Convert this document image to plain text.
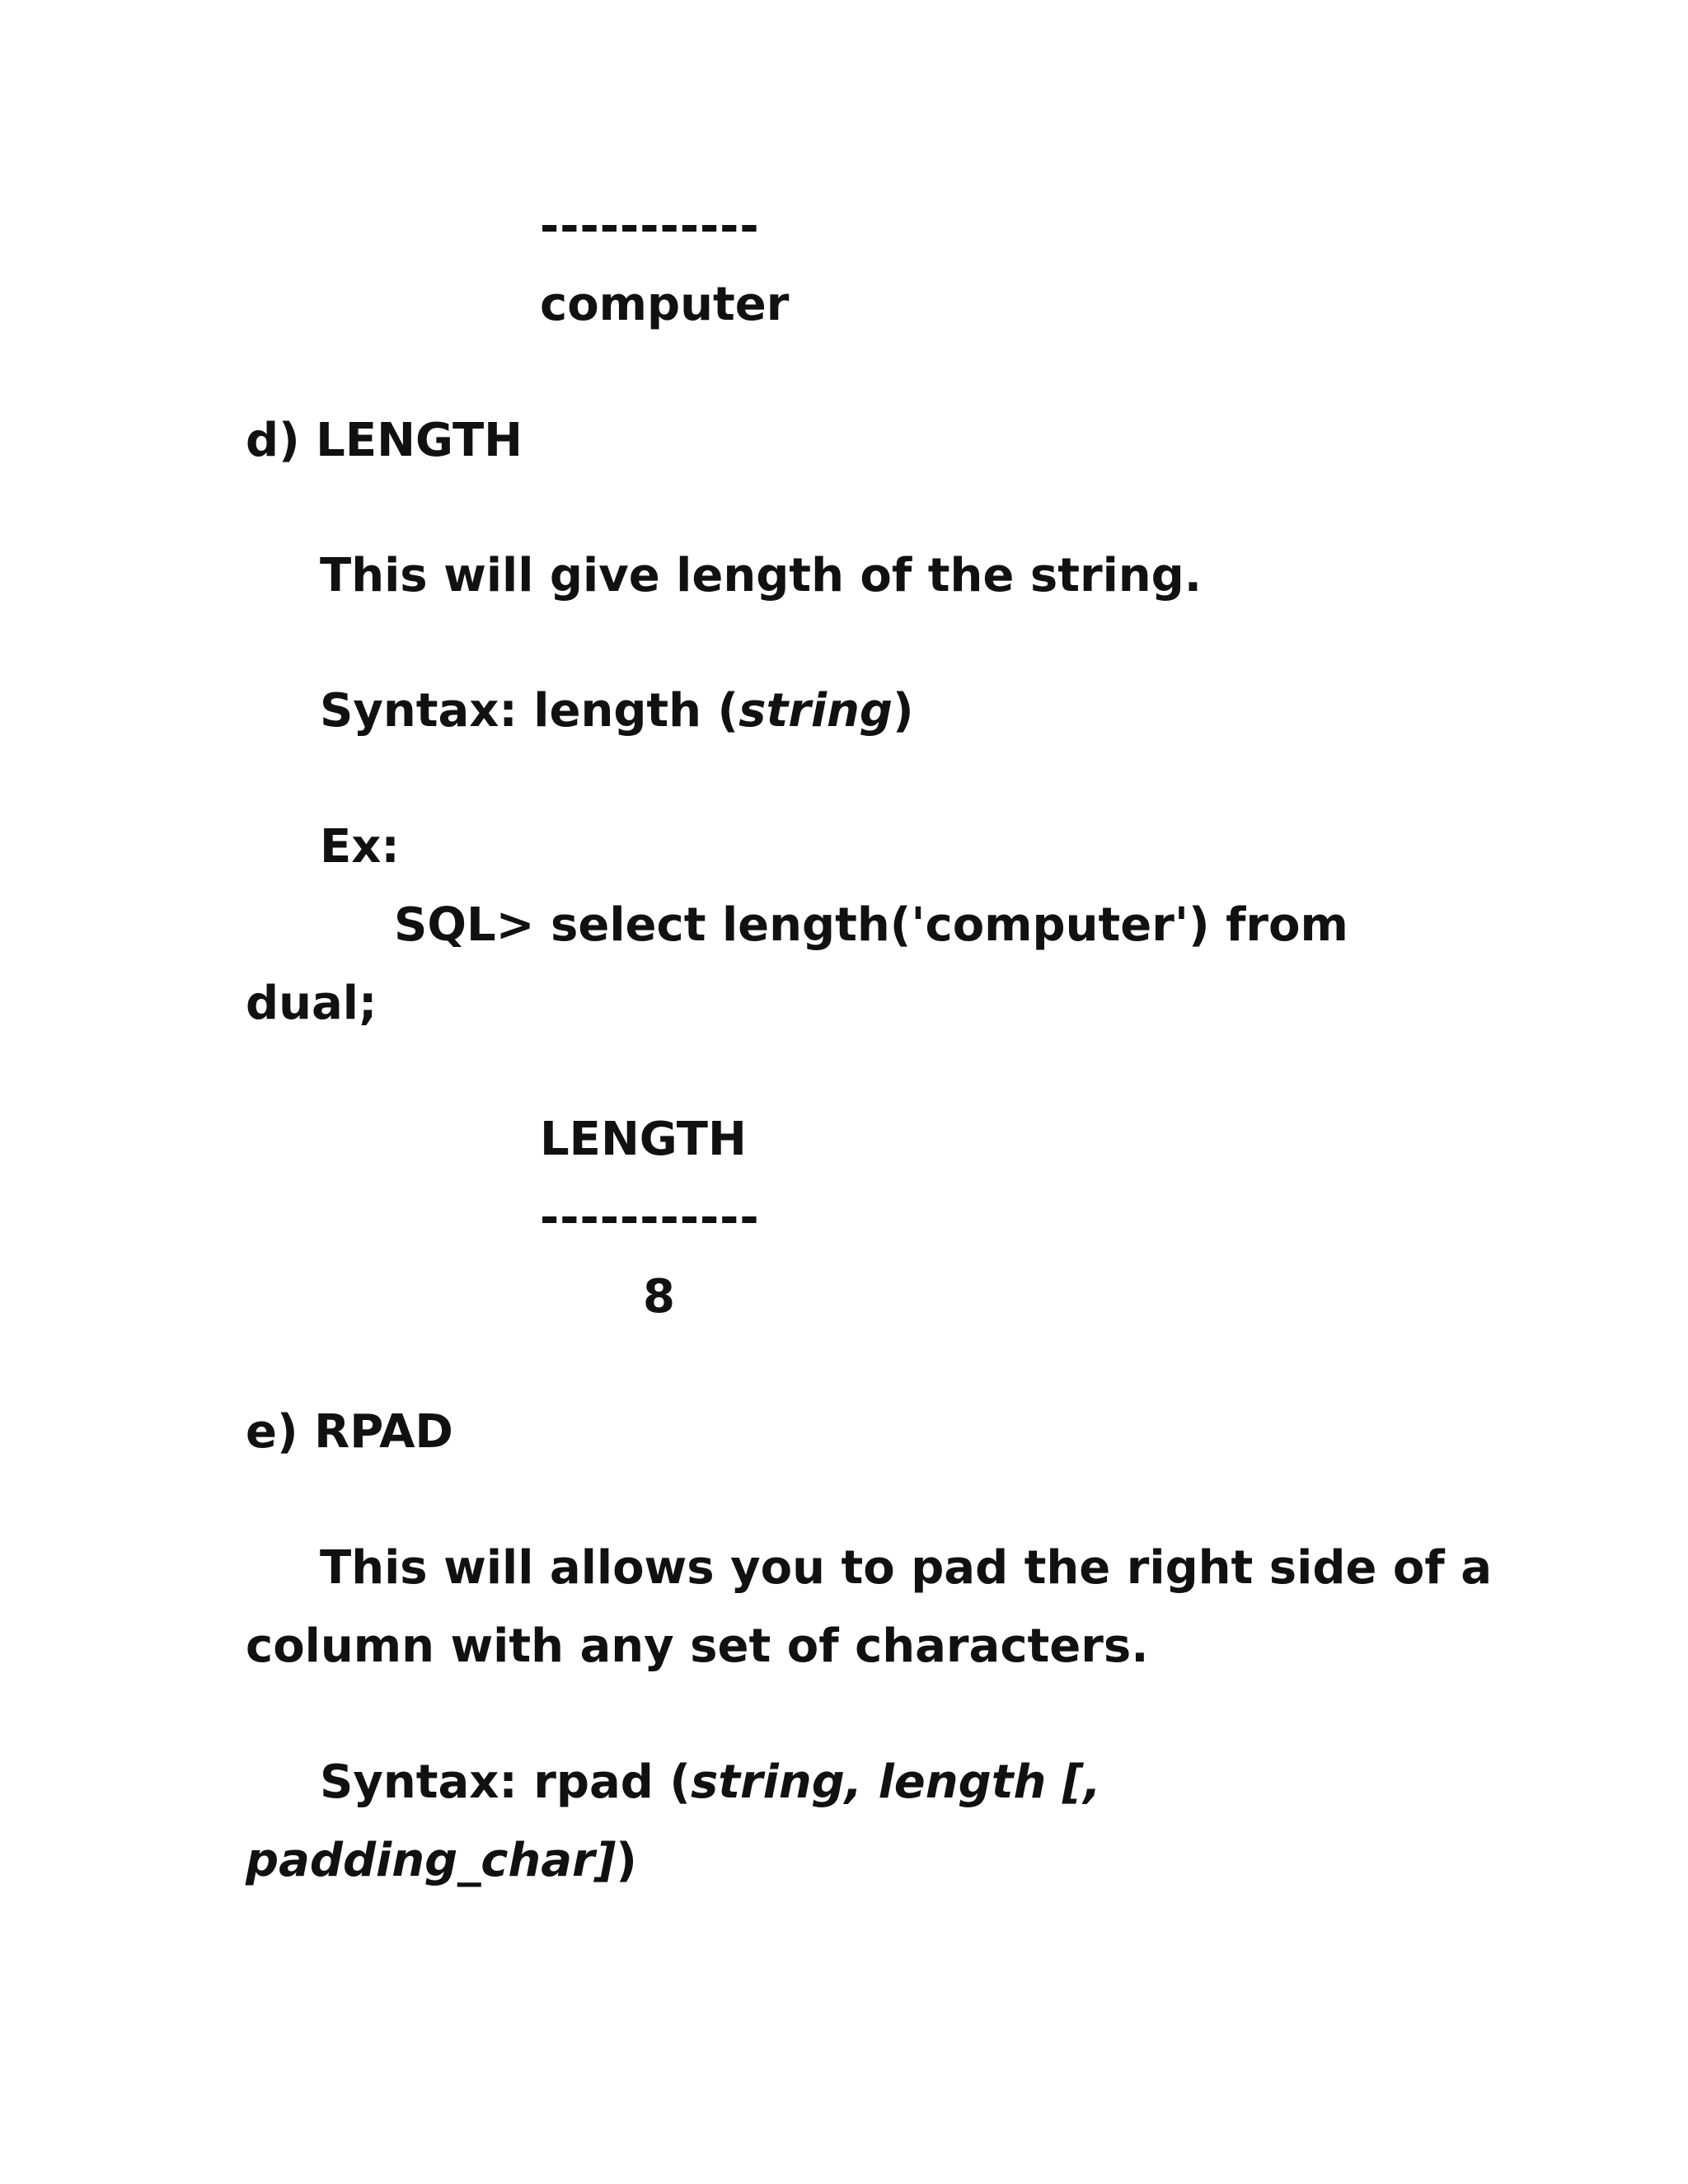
-----------
computer
d) LENGTH
This will give length of the string.
Syntax: length (string)
Ex:
SQL> select length('computer') from
dual;
LENGTH
-----------
8
e) RPAD
This will allows you to pad the right side of a
column with any set of characters.
Syntax: rpad (string, length [,
padding_char])
